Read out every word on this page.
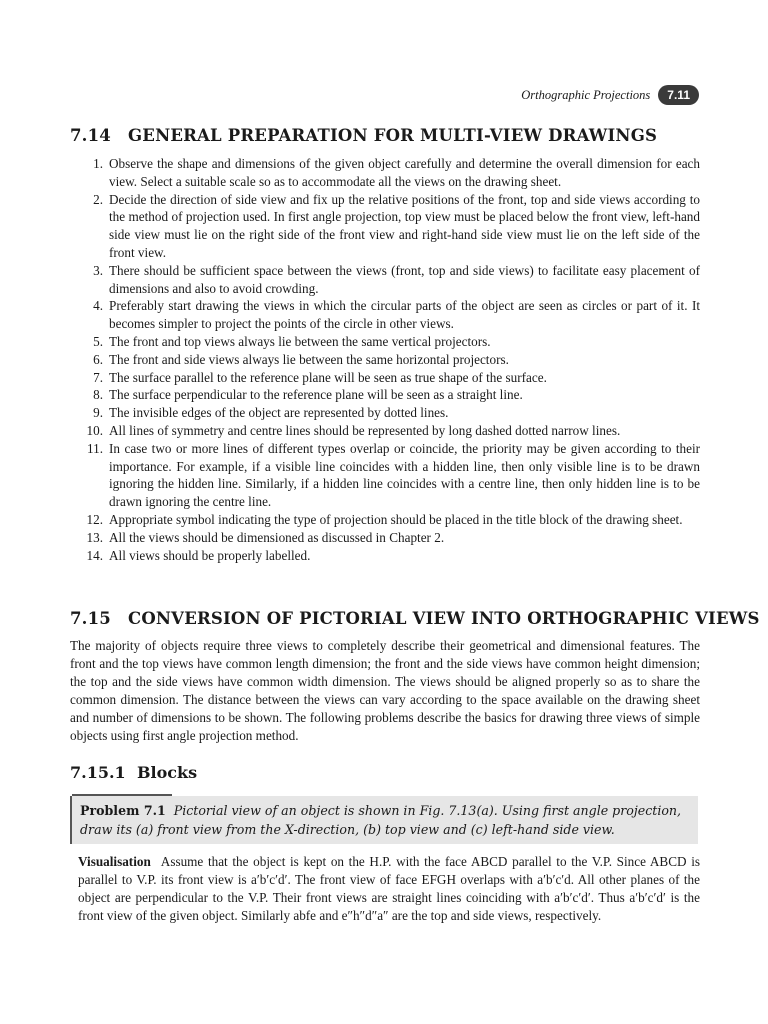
Orthographic Projections	7.11
7.14 GENERAL PREPARATION FOR MULTI-VIEW DRAWINGS
1. Observe the shape and dimensions of the given object carefully and determine the overall dimension for each view. Select a suitable scale so as to accommodate all the views on the drawing sheet.
2. Decide the direction of side view and fix up the relative positions of the front, top and side views according to the method of projection used. In first angle projection, top view must be placed below the front view, left-hand side view must lie on the right side of the front view and right-hand side view must lie on the left side of the front view.
3. There should be sufficient space between the views (front, top and side views) to facilitate easy placement of dimensions and also to avoid crowding.
4. Preferably start drawing the views in which the circular parts of the object are seen as circles or part of it. It becomes simpler to project the points of the circle in other views.
5. The front and top views always lie between the same vertical projectors.
6. The front and side views always lie between the same horizontal projectors.
7. The surface parallel to the reference plane will be seen as true shape of the surface.
8. The surface perpendicular to the reference plane will be seen as a straight line.
9. The invisible edges of the object are represented by dotted lines.
10. All lines of symmetry and centre lines should be represented by long dashed dotted narrow lines.
11. In case two or more lines of different types overlap or coincide, the priority may be given according to their importance. For example, if a visible line coincides with a hidden line, then only visible line is to be drawn ignoring the hidden line. Similarly, if a hidden line coincides with a centre line, then only hidden line is to be drawn ignoring the centre line.
12. Appropriate symbol indicating the type of projection should be placed in the title block of the drawing sheet.
13. All the views should be dimensioned as discussed in Chapter 2.
14. All views should be properly labelled.
7.15 CONVERSION OF PICTORIAL VIEW INTO ORTHOGRAPHIC VIEWS

The majority of objects require three views to completely describe their geometrical and dimensional features. The front and the top views have common length dimension; the front and the side views have common height dimension; the top and the side views have common width dimension. The views should be aligned properly so as to share the common dimension. The distance between the views can vary according to the space available on the drawing sheet and number of dimensions to be shown. The following problems describe the basics for drawing three views of simple objects using first angle projection method.

7.15.1 Blocks
Problem 7.1 Pictorial view of an object is shown in Fig. 7.13(a). Using first angle projection, draw its (a) front view from the X-direction, (b) top view and (c) left-hand side view.

Visualisation Assume that the object is kept on the H.P. with the face ABCD parallel to the V.P. Since ABCD is parallel to V.P. its front view is a′b′c′d′. The front view of face EFGH overlaps with a′b′c′d. All other planes of the object are perpendicular to the V.P. Their front views are straight lines coinciding with a′b′c′d′. Thus a′b′c′d′ is the front view of the given object. Similarly abfe and e″h″d″a″ are the top and side views, respectively.
